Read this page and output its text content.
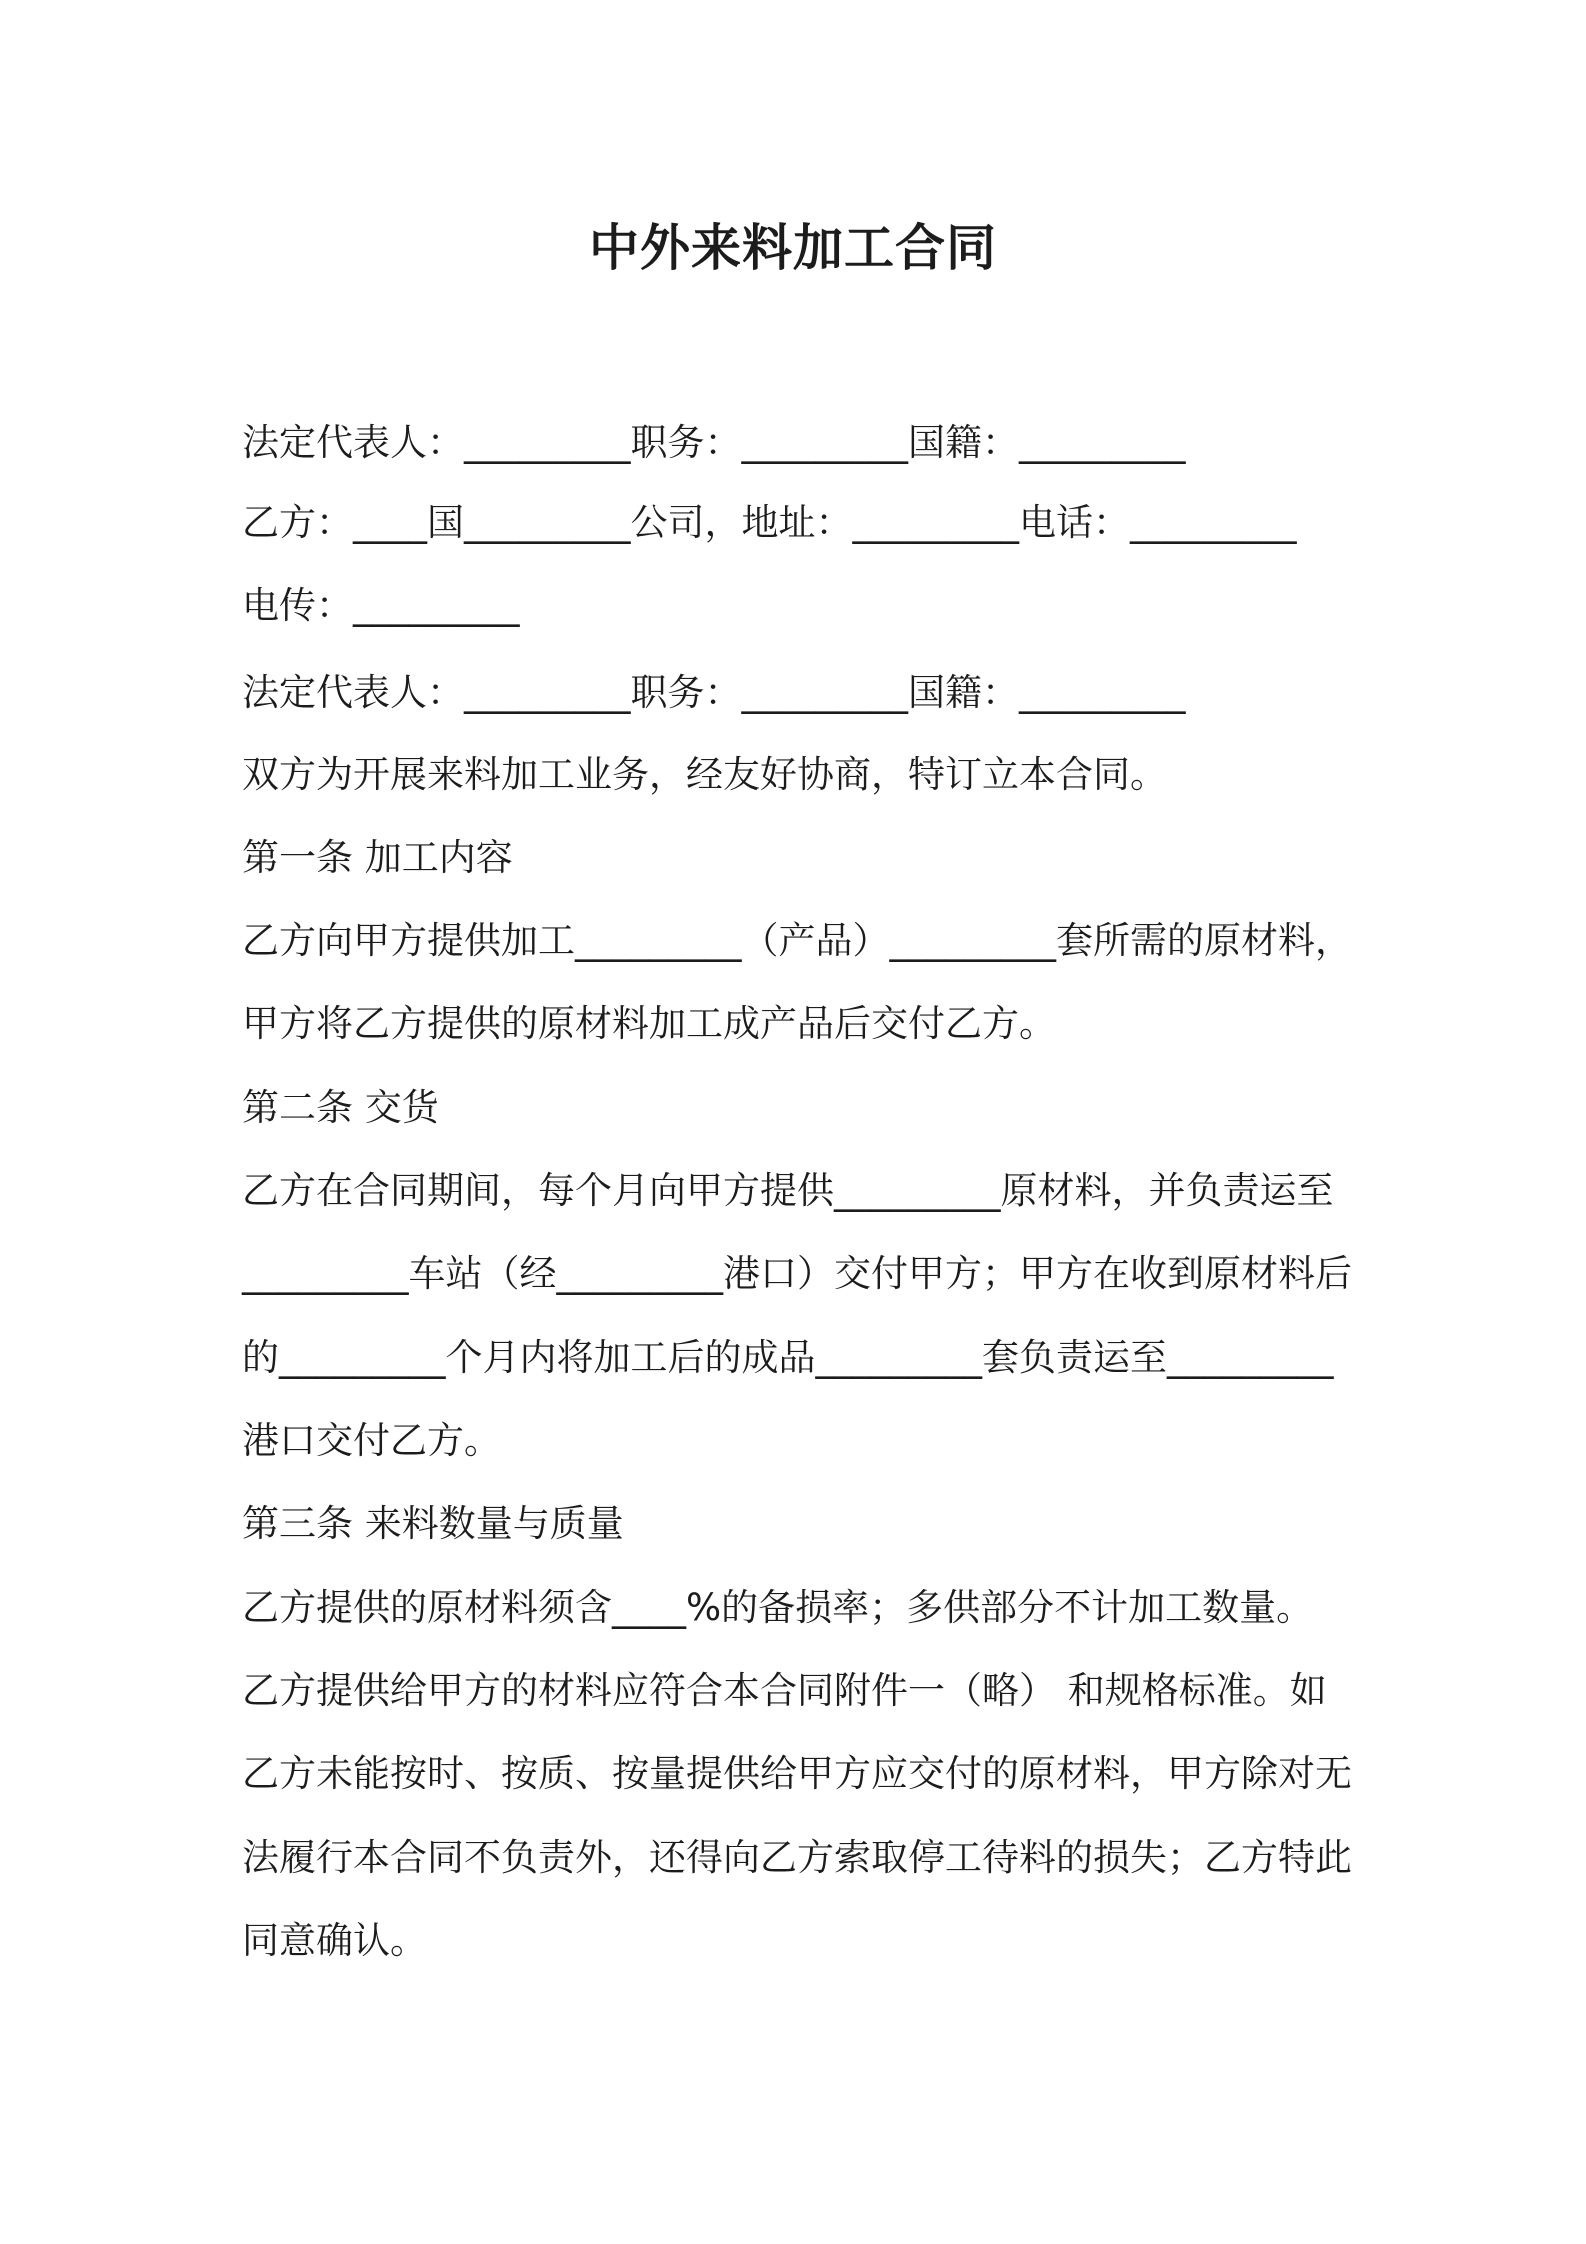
中外来料加工合同
法定代表人：_________职务：_________国籍：_________
乙方：____国_________公司，地址：_________电话：_________
电传：_________
法定代表人：_________职务：_________国籍：_________
双方为开展来料加工业务，经友好协商，特订立本合同。
第一条 加工内容
乙方向甲方提供加工_________（产品）_________套所需的原材料，
甲方将乙方提供的原材料加工成产品后交付乙方。
第二条 交货
乙方在合同期间，每个月向甲方提供_________原材料，并负责运至
_________车站（经_________港口）交付甲方；甲方在收到原材料后
的_________个月内将加工后的成品_________套负责运至_________
港口交付乙方。
第三条 来料数量与质量
乙方提供的原材料须含____%的备损率；多供部分不计加工数量。
乙方提供给甲方的材料应符合本合同附件一（略） 和规格标准。如
乙方未能按时、按质、按量提供给甲方应交付的原材料，甲方除对无
法履行本合同不负责外，还得向乙方索取停工待料的损失；乙方特此
同意确认。
